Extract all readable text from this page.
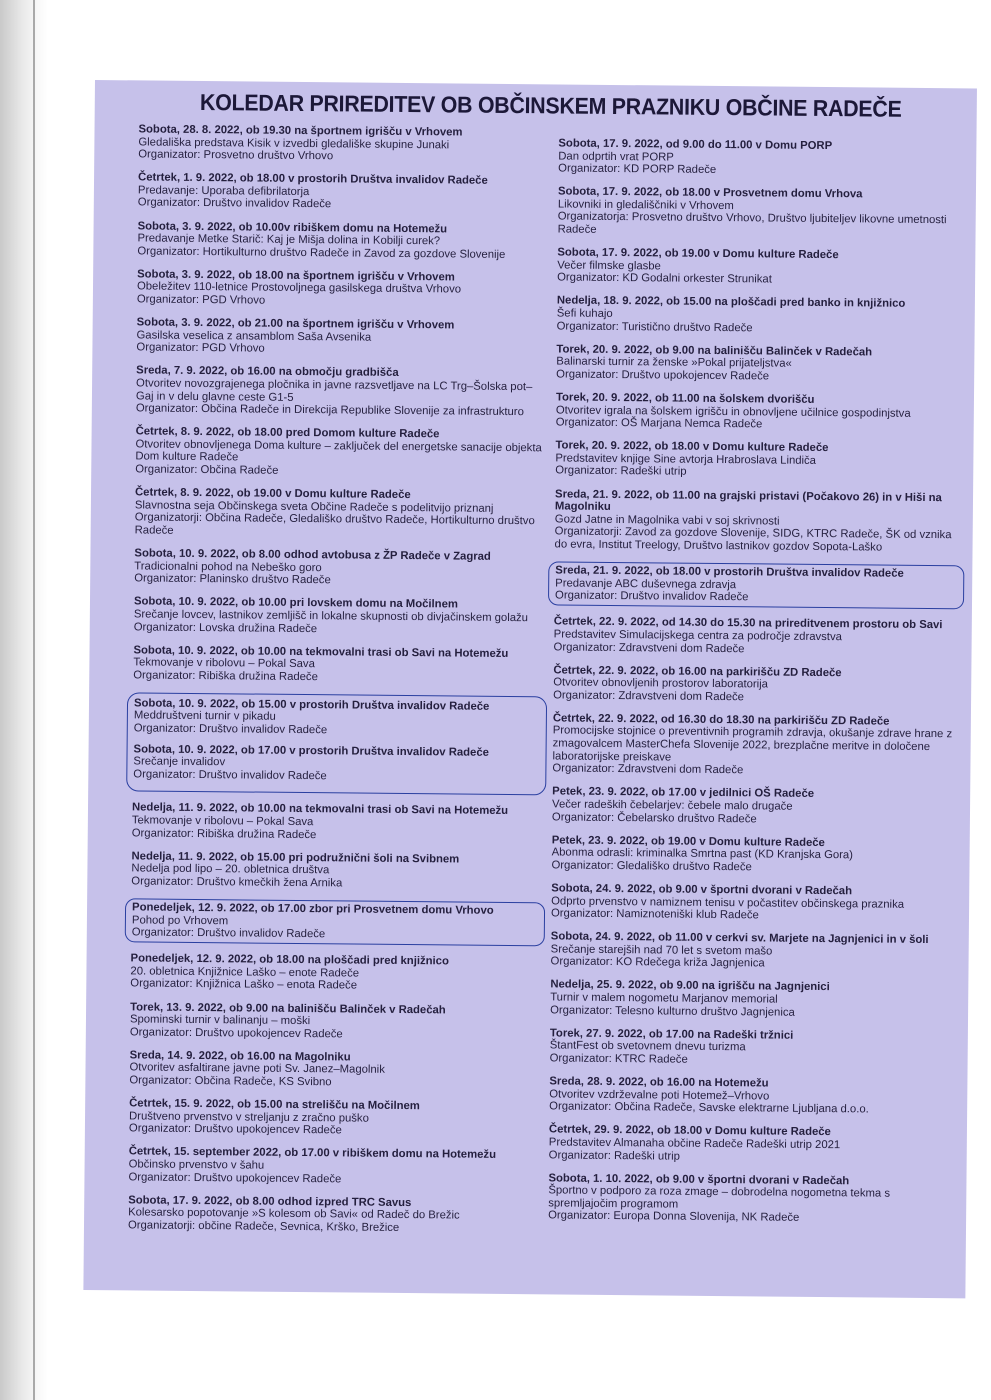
KOLEDAR PRIREDITEV OB OBČINSKEM PRAZNIKU OBČINE RADEČE
Sobota, 28. 8. 2022, ob 19.30 na športnem igrišču v Vrhovem
Gledališka predstava Kisik v izvedbi gledališke skupine Junaki
Organizator: Prosvetno društvo Vrhovo
Četrtek, 1. 9. 2022, ob 18.00 v prostorih Društva invalidov Radeče
Predavanje: Uporaba defibrilatorja
Organizator: Društvo invalidov Radeče
Sobota, 3. 9. 2022, ob 10.00v ribiškem domu na Hotemežu
Predavanje Metke Starič: Kaj je Mišja dolina in Kobilji curek?
Organizator: Hortikulturno društvo Radeče in Zavod za gozdove Slovenije
Sobota, 3. 9. 2022, ob 18.00 na športnem igrišču v Vrhovem
Obeležitev 110-letnice Prostovoljnega gasilskega društva Vrhovo
Organizator: PGD Vrhovo
Sobota, 3. 9. 2022, ob 21.00 na športnem igrišču v Vrhovem
Gasilska veselica z ansamblom Saša Avsenika
Organizator: PGD Vrhovo
Sreda, 7. 9. 2022, ob 16.00 na območju gradbišča
Otvoritev novozgrajenega pločnika in javne razsvetljave na LC Trg–Šolska pot–Gaj in v delu glavne ceste G1-5
Organizator: Občina Radeče in Direkcija Republike Slovenije za infrastrukturo
Četrtek, 8. 9. 2022, ob 18.00 pred Domom kulture Radeče
Otvoritev obnovljenega Doma kulture – zaključek del energetske sanacije objekta Dom kulture Radeče
Organizator: Občina Radeče
Četrtek, 8. 9. 2022, ob 19.00 v Domu kulture Radeče
Slavnostna seja Občinskega sveta Občine Radeče s podelitvijo priznanj
Organizatorji: Občina Radeče, Gledališko društvo Radeče, Hortikulturno društvo Radeče
Sobota, 10. 9. 2022, ob 8.00 odhod avtobusa z ŽP Radeče v Zagrad
Tradicionalni pohod na Nebeško goro
Organizator: Planinsko društvo Radeče
Sobota, 10. 9. 2022, ob 10.00 pri lovskem domu na Močilnem
Srečanje lovcev, lastnikov zemljišč in lokalne skupnosti ob divjačinskem golažu
Organizator: Lovska družina Radeče
Sobota, 10. 9. 2022, ob 10.00 na tekmovalni trasi ob Savi na Hotemežu
Tekmovanje v ribolovu – Pokal Sava
Organizator: Ribiška družina Radeče
Sobota, 10. 9. 2022, ob 15.00 v prostorih Društva invalidov Radeče
Meddruštveni turnir v pikadu
Organizator: Društvo invalidov Radeče
Sobota, 10. 9. 2022, ob 17.00 v prostorih Društva invalidov Radeče
Srečanje invalidov
Organizator: Društvo invalidov Radeče
Nedelja, 11. 9. 2022, ob 10.00 na tekmovalni trasi ob Savi na Hotemežu
Tekmovanje v ribolovu – Pokal Sava
Organizator: Ribiška družina Radeče
Nedelja, 11. 9. 2022, ob 15.00 pri podružnični šoli na Svibnem
Nedelja pod lipo – 20. obletnica društva
Organizator: Društvo kmečkih žena Arnika
Ponedeljek, 12. 9. 2022, ob 17.00 zbor pri Prosvetnem domu Vrhovo
Pohod po Vrhovem
Organizator: Društvo invalidov Radeče
Ponedeljek, 12. 9. 2022, ob 18.00 na ploščadi pred knjižnico
20. obletnica Knjižnice Laško – enote Radeče
Organizator: Knjižnica Laško – enota Radeče
Torek, 13. 9. 2022, ob 9.00 na balinišču Balinček v Radečah
Spominski turnir v balinanju – moški
Organizator: Društvo upokojencev Radeče
Sreda, 14. 9. 2022, ob 16.00 na Magolniku
Otvoritev asfaltirane javne poti Sv. Janez–Magolnik
Organizator: Občina Radeče, KS Svibno
Četrtek, 15. 9. 2022, ob 15.00 na strelišču na Močilnem
Društveno prvenstvo v streljanju z zračno puško
Organizator: Društvo upokojencev Radeče
Četrtek, 15. september 2022, ob 17.00 v ribiškem domu na Hotemežu
Občinsko prvenstvo v šahu
Organizator: Društvo upokojencev Radeče
Sobota, 17. 9. 2022, ob 8.00 odhod izpred TRC Savus
Kolesarsko popotovanje »S kolesom ob Savi« od Radeč do Brežic
Organizatorji: občine Radeče, Sevnica, Krško, Brežice
Sobota, 17. 9. 2022, od 9.00 do 11.00 v Domu PORP
Dan odprtih vrat PORP
Organizator: KD PORP Radeče
Sobota, 17. 9. 2022, ob 18.00 v Prosvetnem domu Vrhova
Likovniki in gledališčniki v Vrhovem
Organizatorja: Prosvetno društvo Vrhovo, Društvo ljubiteljev likovne umetnosti Radeče
Sobota, 17. 9. 2022, ob 19.00 v Domu kulture Radeče
Večer filmske glasbe
Organizator: KD Godalni orkester Strunikat
Nedelja, 18. 9. 2022, ob 15.00 na ploščadi pred banko in knjižnico
Šefi kuhajo
Organizator: Turistično društvo Radeče
Torek, 20. 9. 2022, ob 9.00 na balinišču Balinček v Radečah
Balinarski turnir za ženske »Pokal prijateljstva«
Organizator: Društvo upokojencev Radeče
Torek, 20. 9. 2022, ob 11.00 na šolskem dvorišču
Otvoritev igrala na šolskem igrišču in obnovljene učilnice gospodinjstva
Organizator: OŠ Marjana Nemca Radeče
Torek, 20. 9. 2022, ob 18.00 v Domu kulture Radeče
Predstavitev knjige Sine avtorja Hrabroslava Lindiča
Organizator: Radeški utrip
Sreda, 21. 9. 2022, ob 11.00 na grajski pristavi (Počakovo 26) in v Hiši na Magolniku
Gozd Jatne in Magolnika vabi v soj skrivnosti
Organizatorji: Zavod za gozdove Slovenije, SIDG, KTRC Radeče, ŠK od vznika do evra, Institut Treelogy, Društvo lastnikov gozdov Sopota-Laško
Sreda, 21. 9. 2022, ob 18.00 v prostorih Društva invalidov Radeče
Predavanje ABC duševnega zdravja
Organizator: Društvo invalidov Radeče
Četrtek, 22. 9. 2022, od 14.30 do 15.30 na prireditvenem prostoru ob Savi
Predstavitev Simulacijskega centra za področje zdravstva
Organizator: Zdravstveni dom Radeče
Četrtek, 22. 9. 2022, ob 16.00 na parkirišču ZD Radeče
Otvoritev obnovljenih prostorov laboratorija
Organizator: Zdravstveni dom Radeče
Četrtek, 22. 9. 2022, od 16.30 do 18.30 na parkirišču ZD Radeče
Promocijske stojnice o preventivnih programih zdravja, okušanje zdrave hrane z zmagovalcem MasterChefa Slovenije 2022, brezplačne meritve in določene laboratorijske preiskave
Organizator: Zdravstveni dom Radeče
Petek, 23. 9. 2022, ob 17.00 v jedilnici OŠ Radeče
Večer radeških čebelarjev: čebele malo drugače
Organizator: Čebelarsko društvo Radeče
Petek, 23. 9. 2022, ob 19.00 v Domu kulture Radeče
Abonma odrasli: kriminalka Smrtna past (KD Kranjska Gora)
Organizator: Gledališko društvo Radeče
Sobota, 24. 9. 2022, ob 9.00 v športni dvorani v Radečah
Odprto prvenstvo v namiznem tenisu v počastitev občinskega praznika
Organizator: Namiznoteniški klub Radeče
Sobota, 24. 9. 2022, ob 11.00 v cerkvi sv. Marjete na Jagnjenici in v šoli
Srečanje starejših nad 70 let s svetom mašo
Organizator: KO Rdečega križa Jagnjenica
Nedelja, 25. 9. 2022, ob 9.00 na igrišču na Jagnjenici
Turnir v malem nogometu Marjanov memorial
Organizator: Telesno kulturno društvo Jagnjenica
Torek, 27. 9. 2022, ob 17.00 na Radeški tržnici
ŠtantFest ob svetovnem dnevu turizma
Organizator: KTRC Radeče
Sreda, 28. 9. 2022, ob 16.00 na Hotemežu
Otvoritev vzdrževalne poti Hotemež–Vrhovo
Organizator: Občina Radeče, Savske elektrarne Ljubljana d.o.o.
Četrtek, 29. 9. 2022, ob 18.00 v Domu kulture Radeče
Predstavitev Almanaha občine Radeče Radeški utrip 2021
Organizator: Radeški utrip
Sobota, 1. 10. 2022, ob 9.00 v športni dvorani v Radečah
Športno v podporo za roza zmage – dobrodelna nogometna tekma s spremljajočim programom
Organizator: Europa Donna Slovenija, NK Radeče
